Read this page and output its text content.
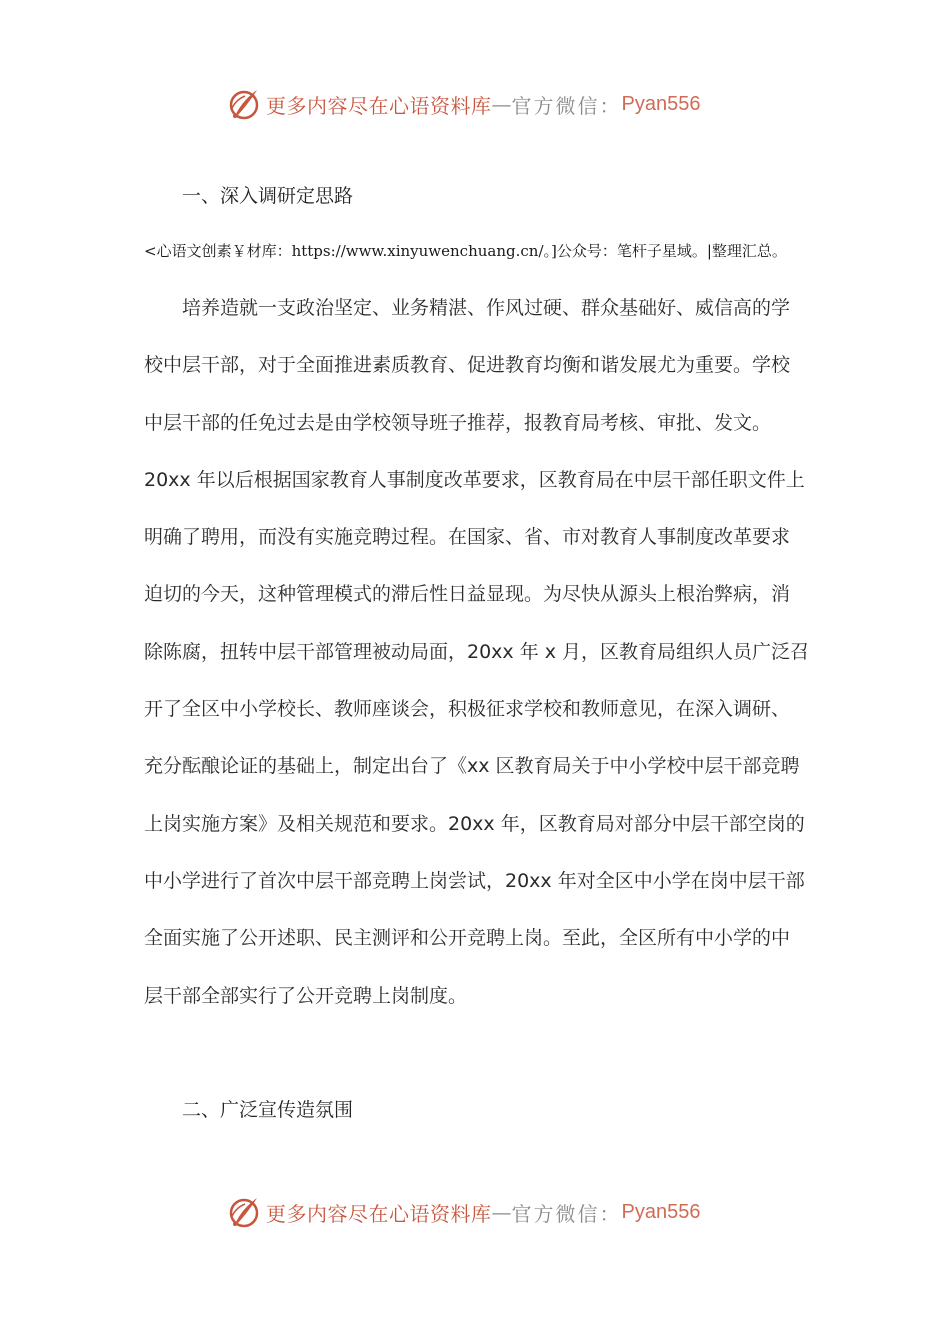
更多内容尽在心语资料库 — 官方微信： Pyan556
一、深入调研定思路
<心语文创素￥材库：https://www.xinyuwenchuang.cn/。]公众号：笔杆子星域。|整理汇总。
培养造就一支政治坚定、业务精湛、作风过硬、群众基础好、威信高的学
校中层干部，对于全面推进素质教育、促进教育均衡和谐发展尤为重要。学校
中层干部的任免过去是由学校领导班子推荐，报教育局考核、审批、发文。
20xx 年以后根据国家教育人事制度改革要求，区教育局在中层干部任职文件上
明确了聘用，而没有实施竞聘过程。在国家、省、市对教育人事制度改革要求
迫切的今天，这种管理模式的滞后性日益显现。为尽快从源头上根治弊病，消
除陈腐，扭转中层干部管理被动局面，20xx 年 x 月，区教育局组织人员广泛召
开了全区中小学校长、教师座谈会，积极征求学校和教师意见，在深入调研、
充分酝酿论证的基础上，制定出台了《xx 区教育局关于中小学校中层干部竞聘
上岗实施方案》及相关规范和要求。20xx 年，区教育局对部分中层干部空岗的
中小学进行了首次中层干部竞聘上岗尝试，20xx 年对全区中小学在岗中层干部
全面实施了公开述职、民主测评和公开竞聘上岗。至此，全区所有中小学的中
层干部全部实行了公开竞聘上岗制度。
二、广泛宣传造氛围
更多内容尽在心语资料库 — 官方微信： Pyan556
